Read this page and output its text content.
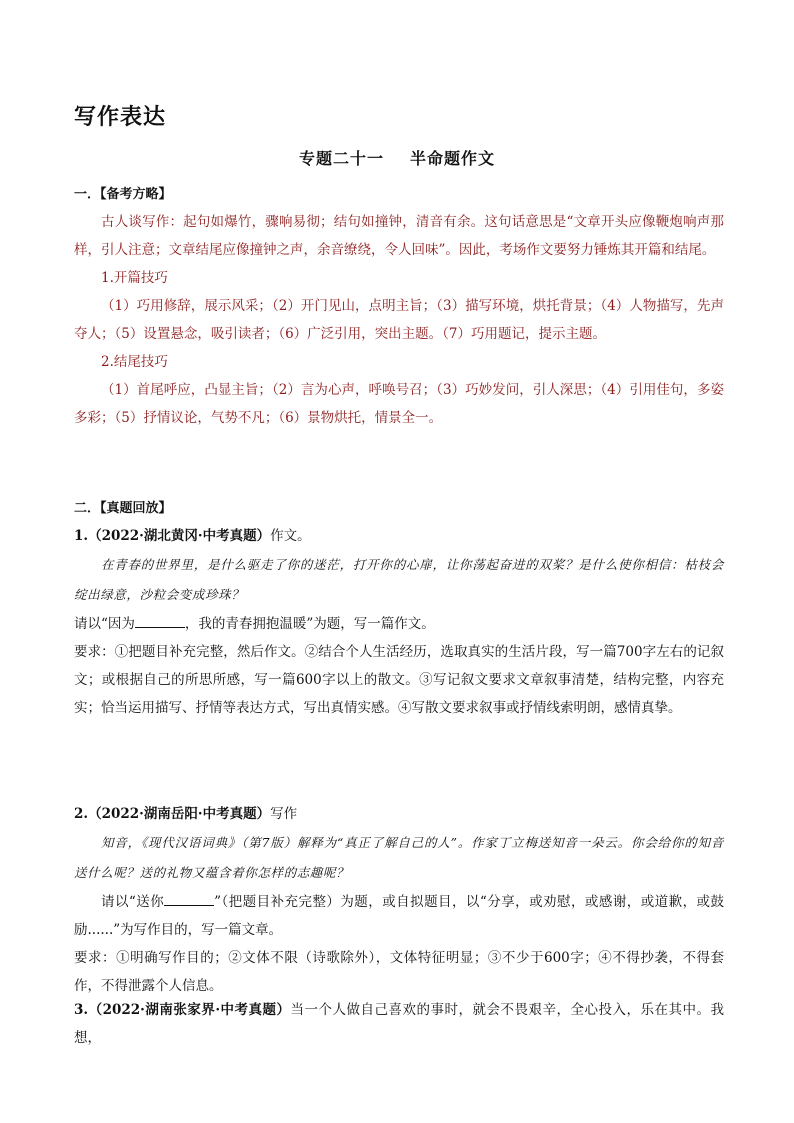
写作表达
专题二十一 半命题作文
一．【备考方略】

古人谈写作：起句如爆竹，骤响易彻；结句如撞钟，清音有余。这句话意思是“文章开头应像鞭炮响声那样，引人注意；文章结尾应像撞钟之声，余音缭绕，令人回味”。因此，考场作文要努力锤炼其开篇和结尾。

1.开篇技巧

（1）巧用修辞，展示风采；（2）开门见山，点明主旨；（3）描写环境，烘托背景；（4）人物描写，先声夺人；（5）设置悬念，吸引读者；（6）广泛引用，突出主题。（7）巧用题记，提示主题。

2.结尾技巧

（1）首尾呼应，凸显主旨；（2）言为心声，呼唤号召；（3）巧妙发问，引人深思；（4）引用佳句，多姿多彩；（5）抒情议论，气势不凡；（6）景物烘托，情景全一。

二．【真题回放】

1.（2022·湖北黄冈·中考真题）作文。

在青春的世界里，是什么驱走了你的迷茫，打开你的心扉，让你荡起奋进的双桨？是什么使你相信：枯枝会绽出绿意，沙粒会变成珍珠？

请以“因为	，我的青春拥抱温暖”为题，写一篇作文。

要求：①把题目补充完整，然后作文。②结合个人生活经历，选取真实的生活片段，写一篇700字左右的记叙文；或根据自己的所思所感，写一篇600字以上的散文。③写记叙文要求文章叙事清楚，结构完整，内容充实；恰当运用描写、抒情等表达方式，写出真情实感。④写散文要求叙事或抒情线索明朗，感情真挚。

2.（2022·湖南岳阳·中考真题）写作

知音，《现代汉语词典》（第7版）解释为“真正了解自己的人”。作家丁立梅送知音一朵云。你会给你的知音送什么呢？送的礼物又蕴含着你怎样的志趣呢？

请以“送你	”（把题目补充完整）为题，或自拟题目，以“分享，或劝慰，或感谢，或道歉，或鼓励......”为写作目的，写一篇文章。

要求：①明确写作目的；②文体不限（诗歌除外），文体特征明显；③不少于600字；④不得抄袭，不得套作，不得泄露个人信息。

3.（2022·湖南张家界·中考真题）当一个人做自己喜欢的事时，就会不畏艰辛，全心投入，乐在其中。我想，
